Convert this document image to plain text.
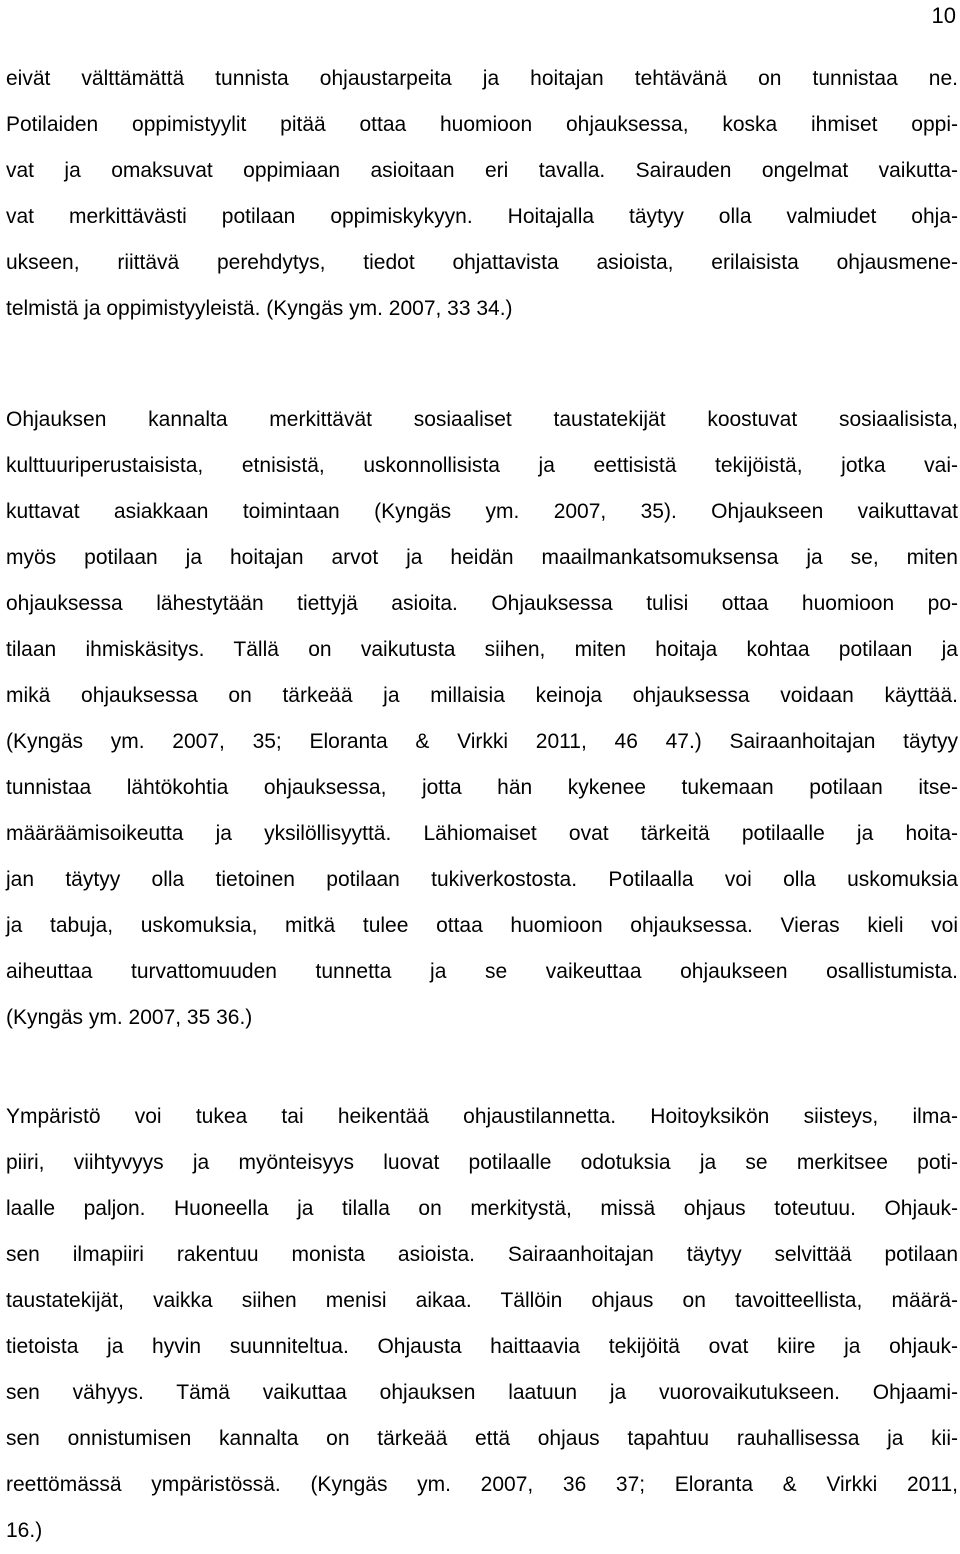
10
eivät välttämättä tunnista ohjaustarpeita ja hoitajan tehtävänä on tunnistaa ne.
Potilaiden oppimistyylit pitää ottaa huomioon ohjauksessa, koska ihmiset oppi-
vat ja omaksuvat oppimiaan asioitaan eri tavalla. Sairauden ongelmat vaikutta-
vat merkittävästi potilaan oppimiskykyyn. Hoitajalla täytyy olla valmiudet ohja-
ukseen, riittävä perehdytys, tiedot ohjattavista asioista, erilaisista ohjausmene-
telmistä ja oppimistyyleistä. (Kyngäs ym. 2007, 33 34.)
Ohjauksen kannalta merkittävät sosiaaliset taustatekijät koostuvat sosiaalisista,
kulttuuriperustaisista, etnisistä, uskonnollisista ja eettisistä tekijöistä, jotka vai-
kuttavat asiakkaan toimintaan (Kyngäs ym. 2007, 35). Ohjaukseen vaikuttavat
myös potilaan ja hoitajan arvot ja heidän maailmankatsomuksensa ja se, miten
ohjauksessa lähestytään tiettyjä asioita. Ohjauksessa tulisi ottaa huomioon po-
tilaan ihmiskäsitys. Tällä on vaikutusta siihen, miten hoitaja kohtaa potilaan ja
mikä ohjauksessa on tärkeää ja millaisia keinoja ohjauksessa voidaan käyttää.
(Kyngäs ym. 2007, 35; Eloranta & Virkki 2011, 46 47.) Sairaanhoitajan täytyy
tunnistaa lähtökohtia ohjauksessa, jotta hän kykenee tukemaan potilaan itse-
määräämisoikeutta ja yksilöllisyyttä. Lähiomaiset ovat tärkeitä potilaalle ja hoita-
jan täytyy olla tietoinen potilaan tukiverkostosta. Potilaalla voi olla uskomuksia
ja tabuja, uskomuksia, mitkä tulee ottaa huomioon ohjauksessa. Vieras kieli voi
aiheuttaa turvattomuuden tunnetta ja se vaikeuttaa ohjaukseen osallistumista.
(Kyngäs ym. 2007, 35 36.)
Ympäristö voi tukea tai heikentää ohjaustilannetta. Hoitoyksikön siisteys, ilma-
piiri, viihtyvyys ja myönteisyys luovat potilaalle odotuksia ja se merkitsee poti-
laalle paljon. Huoneella ja tilalla on merkitystä, missä ohjaus toteutuu. Ohjauk-
sen ilmapiiri rakentuu monista asioista. Sairaanhoitajan täytyy selvittää potilaan
taustatekijät, vaikka siihen menisi aikaa. Tällöin ohjaus on tavoitteellista, määrä-
tietoista ja hyvin suunniteltua. Ohjausta haittaavia tekijöitä ovat kiire ja ohjauk-
sen vähyys. Tämä vaikuttaa ohjauksen laatuun ja vuorovaikutukseen. Ohjaami-
sen onnistumisen kannalta on tärkeää että ohjaus tapahtuu rauhallisessa ja kii-
reettömässä ympäristössä. (Kyngäs ym. 2007, 36 37; Eloranta & Virkki 2011,
16.)
